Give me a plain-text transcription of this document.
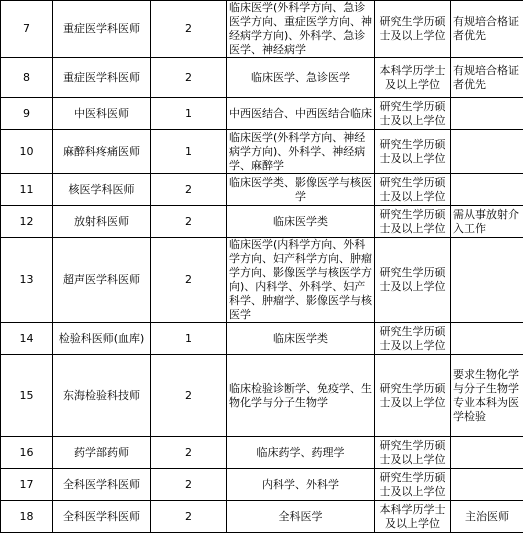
7	重症医学科医师	2	临床医学(外科学方向、急诊医学方向、重症医学方向、神经病学方向)、外科学、急诊医学、神经病学	研究生学历硕士及以上学位	有规培合格证者优先
8	重症医学科医师	2	临床医学、急诊医学	本科学历学士及以上学位	有规培合格证者优先
9	中医科医师	1	中西医结合、中西医结合临床	研究生学历硕士及以上学位	
10	麻醉科疼痛医师	1	临床医学(外科学方向、神经病学方向)、外科学、神经病学、麻醉学	研究生学历硕士及以上学位	
11	核医学科医师	2	临床医学类、影像医学与核医学	研究生学历硕士及以上学位	
12	放射科医师	2	临床医学类	研究生学历硕士及以上学位	需从事放射介入工作
13	超声医学科医师	2	临床医学(内科学方向、外科学方向、妇产科学方向、肿瘤学方向、影像医学与核医学方向)、内科学、外科学、妇产科学、肿瘤学、影像医学与核医学	研究生学历硕士及以上学位	
14	检验科医师(血库)	1	临床医学类	研究生学历硕士及以上学位	
15	东海检验科技师	2	临床检验诊断学、免疫学、生物化学与分子生物学	研究生学历硕士及以上学位	要求生物化学与分子生物学专业本科为医学检验
16	药学部药师	2	临床药学、药理学	研究生学历硕士及以上学位	
17	全科医学科医师	2	内科学、外科学	研究生学历硕士及以上学位	
18	全科医学科医师	2	全科医学	本科学历学士及以上学位	主治医师
